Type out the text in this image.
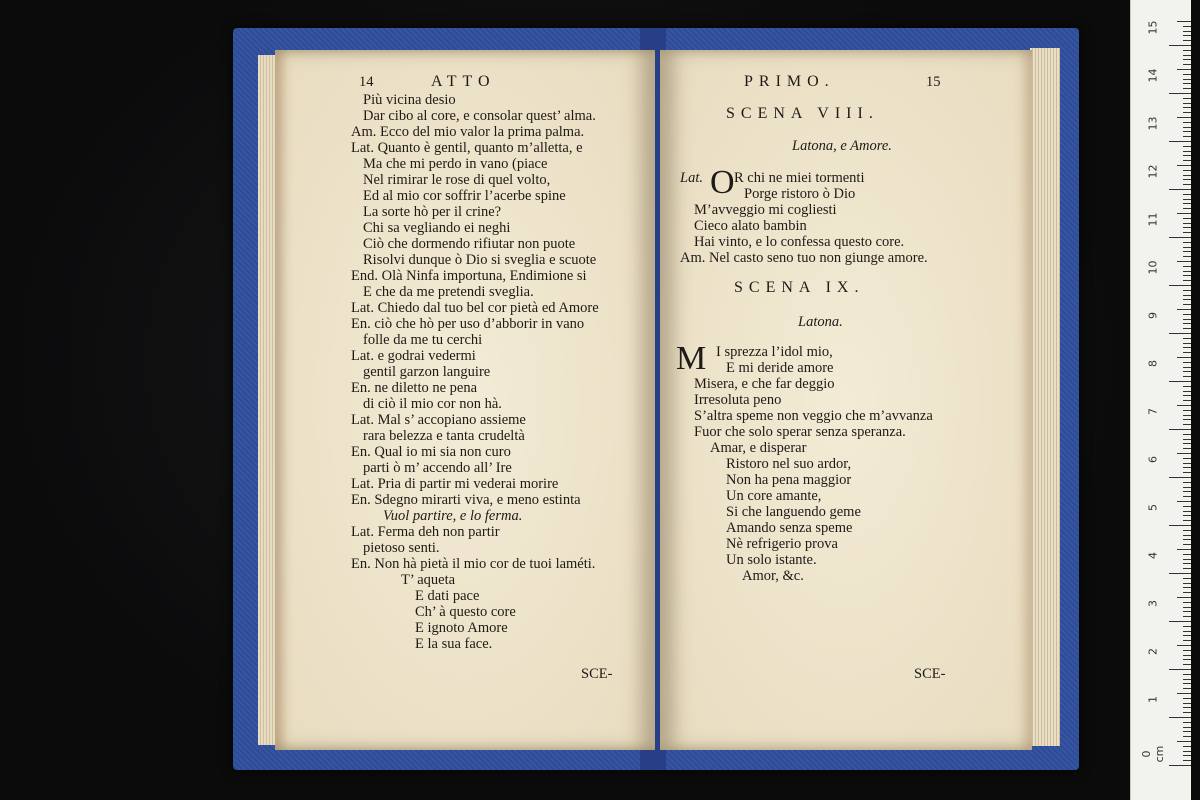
14	ATTO
Più vicina desio
Dar cibo al core, e consolar quest’ alma.
Am. Ecco del mio valor la prima palma.
Lat. Quanto è gentil, quanto m’alletta, e
Ma che mi perdo in vano (piace
Nel rimirar le rose di quel volto,
Ed al mio cor soffrir l’acerbe spine
La sorte hò per il crine?
Chi sa vegliando ei neghi
Ciò che dormendo rifiutar non puote
Risolvi dunque ò Dio si sveglia e scuote
End. Olà Ninfa importuna, Endimione si
E che da me pretendi sveglia.
Lat. Chiedo dal tuo bel cor pietà ed Amore
En. ciò che hò per uso d’abborir in vano
folle da me tu cerchi
Lat. e godrai vedermi
gentil garzon languire
En. ne diletto ne pena
di ciò il mio cor non hà.
Lat. Mal s’ accopiano assieme
rara belezza e tanta crudeltà
En. Qual io mi sia non curo
parti ò m’ accendo all’ Ire
Lat. Pria di partir mi vederai morire
En. Sdegno mirarti viva, e meno estinta
Vuol partire, e lo ferma.
Lat. Ferma deh non partir
pietoso senti.
En. Non hà pietà il mio cor de tuoi laméti.
T’ aqueta
E dati pace
Ch’ à questo core
E ignoto Amore
E la sua face.
SCE-
PRIMO.	15
SCENA VIII.
Latona, e Amore.
O
Lat. R chi ne miei tormenti
Porge ristoro ò Dio
M’avveggio mi cogliesti
Cieco alato bambin
Hai vinto, e lo confessa questo core.
Am. Nel casto seno tuo non giunge amore.
SCENA IX.
Latona.
M I sprezza l’idol mio,
E mi deride amore
Misera, e che far deggio
Irresoluta peno
S’altra speme non veggio che m’avvanza
Fuor che solo sperar senza speranza.
Amar, e disperar
Ristoro nel suo ardor,
Non ha pena maggior
Un core amante,
Si che languendo geme
Amando senza speme
Nè refrigerio prova
Un solo istante.
Amor, &c.
SCE-
0 cm
1
2
3
4
5
6
7
8
9
10
11
12
13
14
15
